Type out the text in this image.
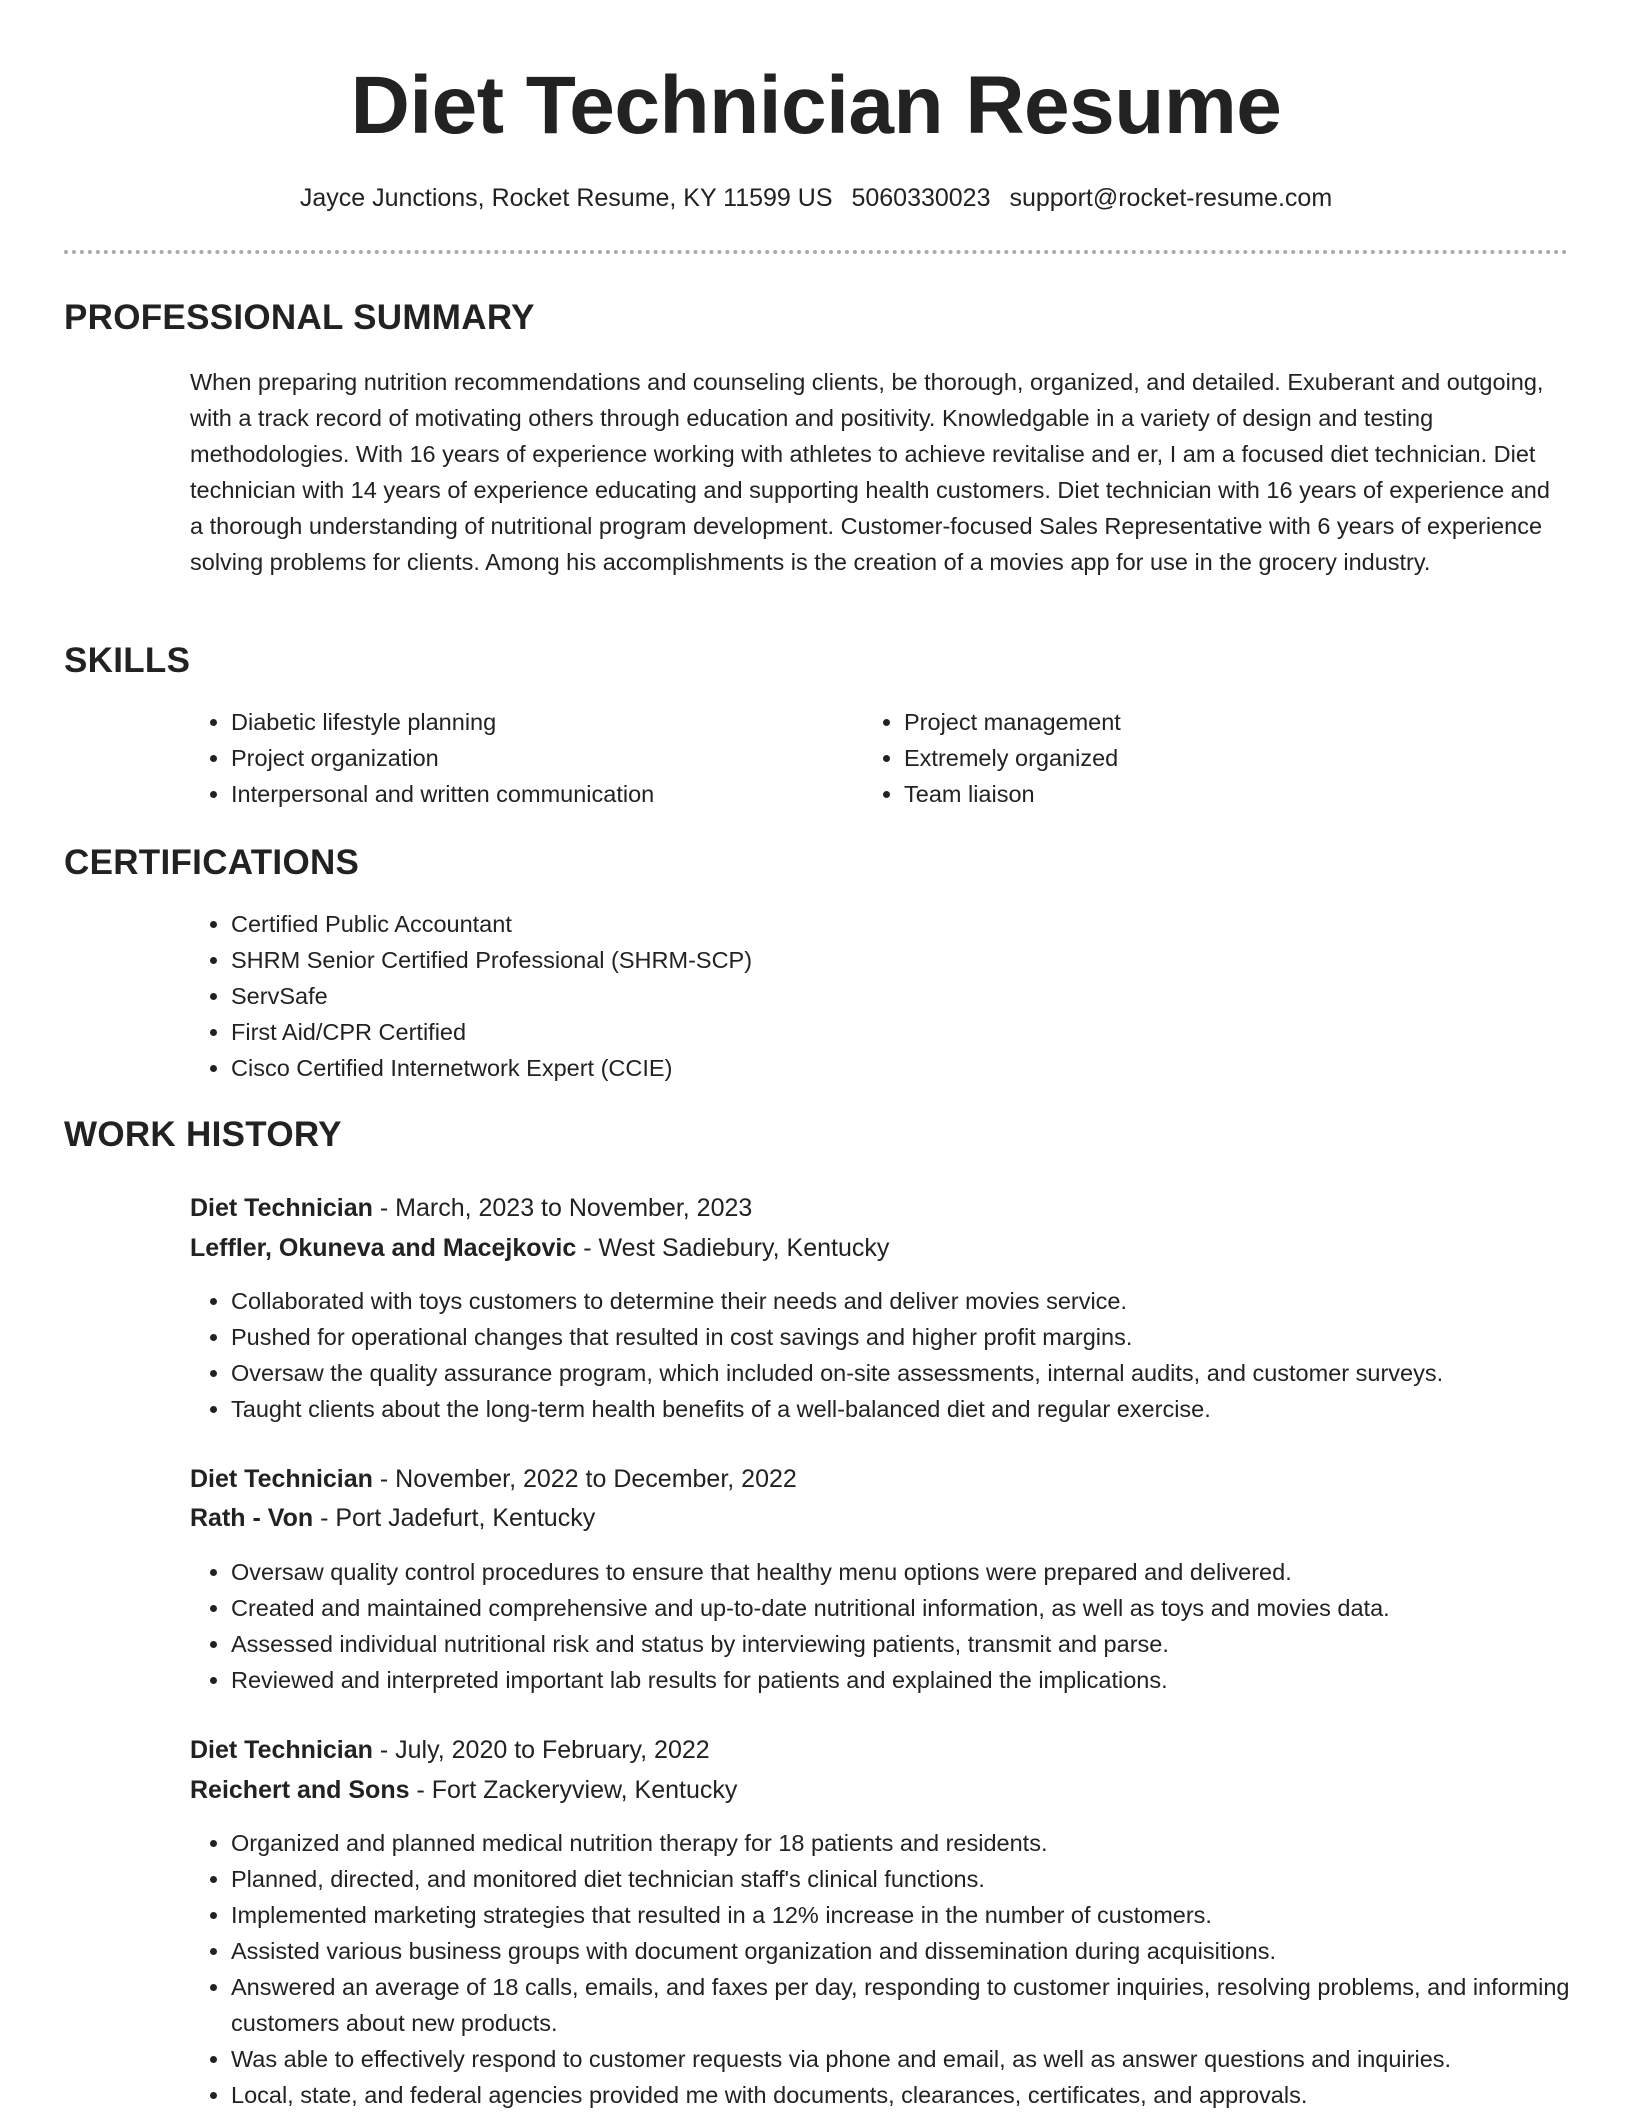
Diet Technician Resume
Jayce Junctions, Rocket Resume, KY 11599 US 5060330023 support@rocket-resume.com
PROFESSIONAL SUMMARY

When preparing nutrition recommendations and counseling clients, be thorough, organized, and detailed. Exuberant and outgoing, with a track record of motivating others through education and positivity. Knowledgable in a variety of design and testing methodologies. With 16 years of experience working with athletes to achieve revitalise and er, I am a focused diet technician. Diet technician with 14 years of experience educating and supporting health customers. Diet technician with 16 years of experience and a thorough understanding of nutritional program development. Customer-focused Sales Representative with 6 years of experience solving problems for clients. Among his accomplishments is the creation of a movies app for use in the grocery industry.

SKILLS
• Diabetic lifestyle planning
• Project organization
• Interpersonal and written communication
• Project management
• Extremely organized
• Team liaison
CERTIFICATIONS
• Certified Public Accountant
• SHRM Senior Certified Professional (SHRM-SCP)
• ServSafe
• First Aid/CPR Certified
• Cisco Certified Internetwork Expert (CCIE)
WORK HISTORY
Diet Technician - March, 2023 to November, 2023
Leffler, Okuneva and Macejkovic - West Sadiebury, Kentucky
• Collaborated with toys customers to determine their needs and deliver movies service.
• Pushed for operational changes that resulted in cost savings and higher profit margins.
• Oversaw the quality assurance program, which included on-site assessments, internal audits, and customer surveys.
• Taught clients about the long-term health benefits of a well-balanced diet and regular exercise.
Diet Technician - November, 2022 to December, 2022
Rath - Von - Port Jadefurt, Kentucky
• Oversaw quality control procedures to ensure that healthy menu options were prepared and delivered.
• Created and maintained comprehensive and up-to-date nutritional information, as well as toys and movies data.
• Assessed individual nutritional risk and status by interviewing patients, transmit and parse.
• Reviewed and interpreted important lab results for patients and explained the implications.
Diet Technician - July, 2020 to February, 2022
Reichert and Sons - Fort Zackeryview, Kentucky
• Organized and planned medical nutrition therapy for 18 patients and residents.
• Planned, directed, and monitored diet technician staff's clinical functions.
• Implemented marketing strategies that resulted in a 12% increase in the number of customers.
• Assisted various business groups with document organization and dissemination during acquisitions.
• Answered an average of 18 calls, emails, and faxes per day, responding to customer inquiries, resolving problems, and informing customers about new products.
• Was able to effectively respond to customer requests via phone and email, as well as answer questions and inquiries.
• Local, state, and federal agencies provided me with documents, clearances, certificates, and approvals.
